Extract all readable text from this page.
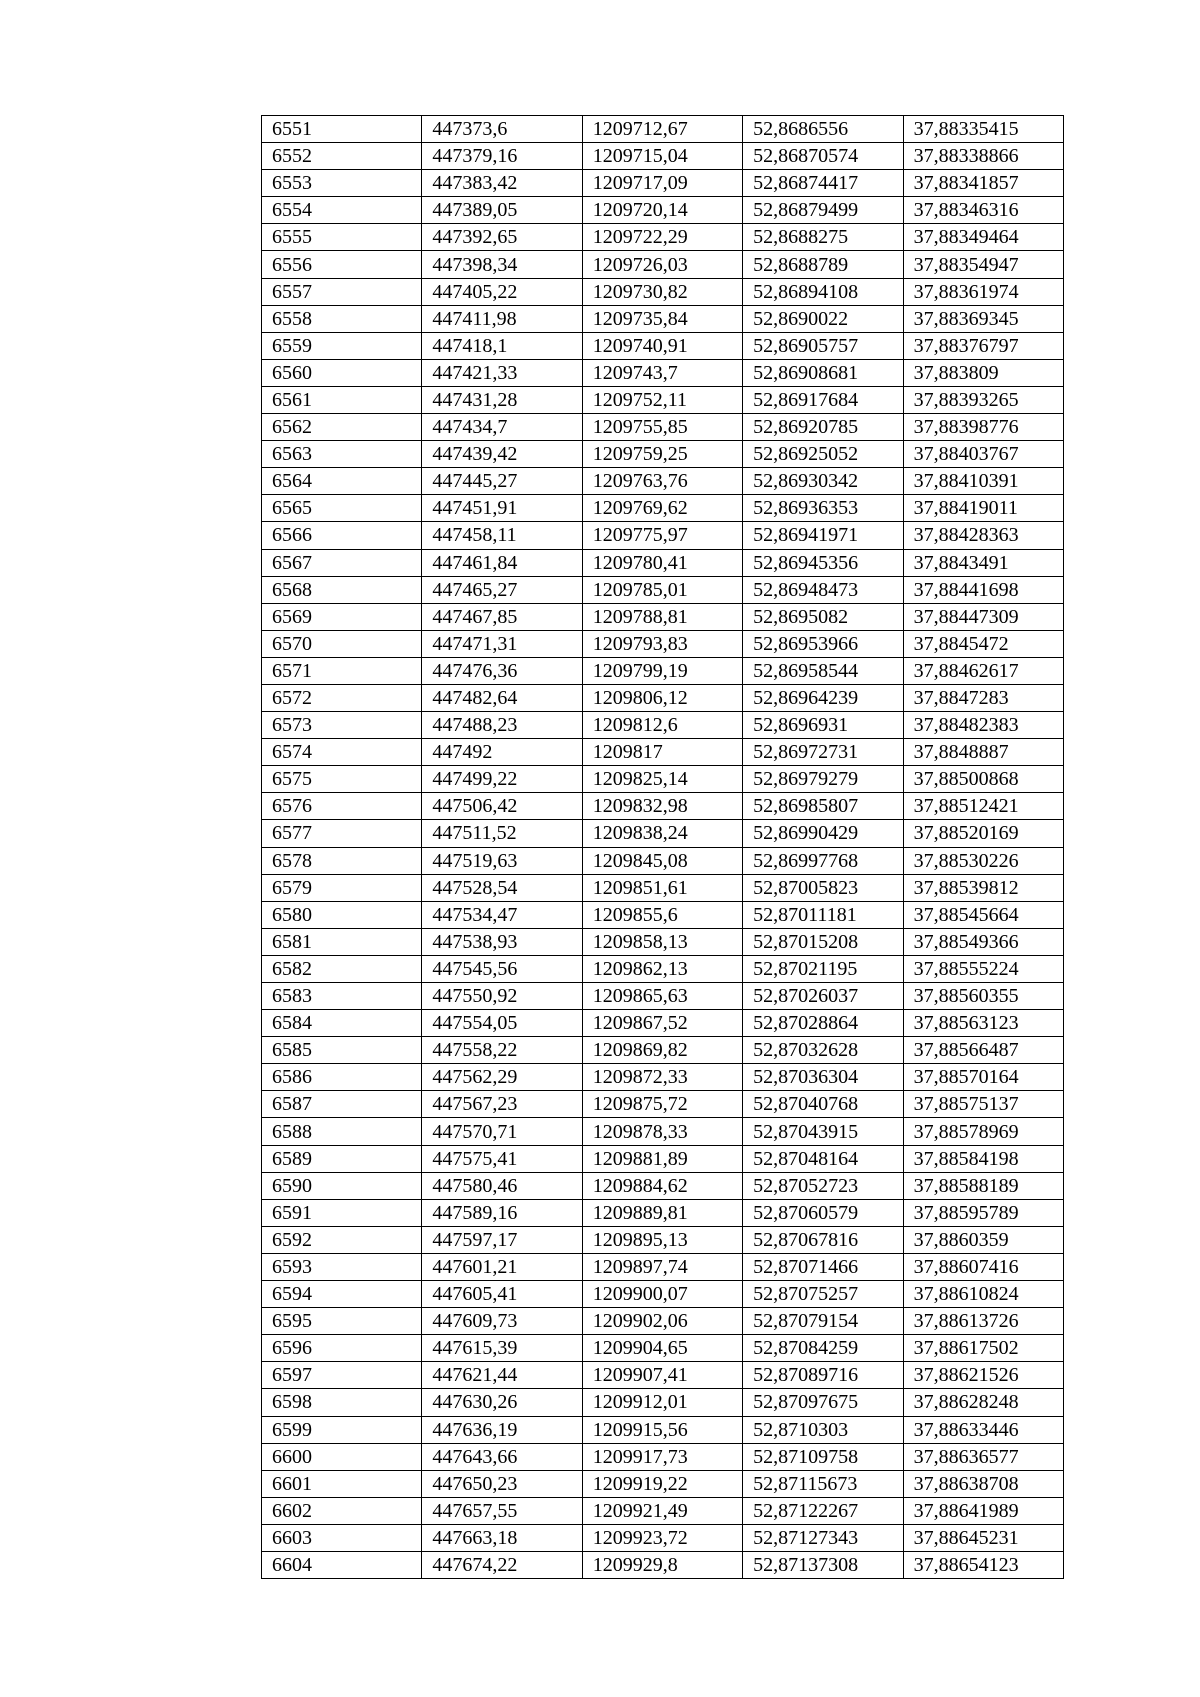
6551	447373,6	1209712,67	52,8686556	37,88335415
6552	447379,16	1209715,04	52,86870574	37,88338866
6553	447383,42	1209717,09	52,86874417	37,88341857
6554	447389,05	1209720,14	52,86879499	37,88346316
6555	447392,65	1209722,29	52,8688275	37,88349464
6556	447398,34	1209726,03	52,8688789	37,88354947
6557	447405,22	1209730,82	52,86894108	37,88361974
6558	447411,98	1209735,84	52,8690022	37,88369345
6559	447418,1	1209740,91	52,86905757	37,88376797
6560	447421,33	1209743,7	52,86908681	37,883809
6561	447431,28	1209752,11	52,86917684	37,88393265
6562	447434,7	1209755,85	52,86920785	37,88398776
6563	447439,42	1209759,25	52,86925052	37,88403767
6564	447445,27	1209763,76	52,86930342	37,88410391
6565	447451,91	1209769,62	52,86936353	37,88419011
6566	447458,11	1209775,97	52,86941971	37,88428363
6567	447461,84	1209780,41	52,86945356	37,8843491
6568	447465,27	1209785,01	52,86948473	37,88441698
6569	447467,85	1209788,81	52,8695082	37,88447309
6570	447471,31	1209793,83	52,86953966	37,8845472
6571	447476,36	1209799,19	52,86958544	37,88462617
6572	447482,64	1209806,12	52,86964239	37,8847283
6573	447488,23	1209812,6	52,8696931	37,88482383
6574	447492	1209817	52,86972731	37,8848887
6575	447499,22	1209825,14	52,86979279	37,88500868
6576	447506,42	1209832,98	52,86985807	37,88512421
6577	447511,52	1209838,24	52,86990429	37,88520169
6578	447519,63	1209845,08	52,86997768	37,88530226
6579	447528,54	1209851,61	52,87005823	37,88539812
6580	447534,47	1209855,6	52,87011181	37,88545664
6581	447538,93	1209858,13	52,87015208	37,88549366
6582	447545,56	1209862,13	52,87021195	37,88555224
6583	447550,92	1209865,63	52,87026037	37,88560355
6584	447554,05	1209867,52	52,87028864	37,88563123
6585	447558,22	1209869,82	52,87032628	37,88566487
6586	447562,29	1209872,33	52,87036304	37,88570164
6587	447567,23	1209875,72	52,87040768	37,88575137
6588	447570,71	1209878,33	52,87043915	37,88578969
6589	447575,41	1209881,89	52,87048164	37,88584198
6590	447580,46	1209884,62	52,87052723	37,88588189
6591	447589,16	1209889,81	52,87060579	37,88595789
6592	447597,17	1209895,13	52,87067816	37,8860359
6593	447601,21	1209897,74	52,87071466	37,88607416
6594	447605,41	1209900,07	52,87075257	37,88610824
6595	447609,73	1209902,06	52,87079154	37,88613726
6596	447615,39	1209904,65	52,87084259	37,88617502
6597	447621,44	1209907,41	52,87089716	37,88621526
6598	447630,26	1209912,01	52,87097675	37,88628248
6599	447636,19	1209915,56	52,8710303	37,88633446
6600	447643,66	1209917,73	52,87109758	37,88636577
6601	447650,23	1209919,22	52,87115673	37,88638708
6602	447657,55	1209921,49	52,87122267	37,88641989
6603	447663,18	1209923,72	52,87127343	37,88645231
6604	447674,22	1209929,8	52,87137308	37,88654123
